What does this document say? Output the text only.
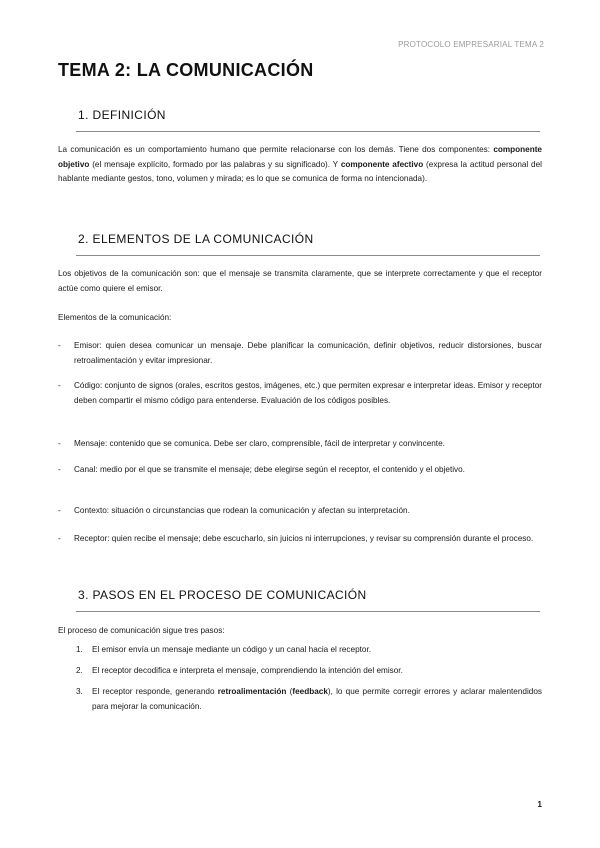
PROTOCOLO EMPRESARIAL TEMA 2
TEMA 2: LA COMUNICACIÓN
1. DEFINICIÓN

La comunicación es un comportamiento humano que permite relacionarse con los demás. Tiene dos componentes: componente objetivo (el mensaje explícito, formado por las palabras y su significado). Y componente afectivo (expresa la actitud personal del hablante mediante gestos, tono, volumen y mirada; es lo que se comunica de forma no intencionada).

2. ELEMENTOS DE LA COMUNICACIÓN

Los objetivos de la comunicación son: que el mensaje se transmita claramente, que se interprete correctamente y que el receptor actúe como quiere el emisor.

Elementos de la comunicación:

- Emisor: quien desea comunicar un mensaje. Debe planificar la comunicación, definir objetivos, reducir distorsiones, buscar retroalimentación y evitar impresionar.
- Código: conjunto de signos (orales, escritos gestos, imágenes, etc.) que permiten expresar e interpretar ideas. Emisor y receptor deben compartir el mismo código para entenderse. Evaluación de los códigos posibles.
- Mensaje: contenido que se comunica. Debe ser claro, comprensible, fácil de interpretar y convincente.
- Canal: medio por el que se transmite el mensaje; debe elegirse según el receptor, el contenido y el objetivo.
- Contexto: situación o circunstancias que rodean la comunicación y afectan su interpretación.
- Receptor: quien recibe el mensaje; debe escucharlo, sin juicios ni interrupciones, y revisar su comprensión durante el proceso.
3. PASOS EN EL PROCESO DE COMUNICACIÓN

El proceso de comunicación sigue tres pasos:

1. El emisor envía un mensaje mediante un código y un canal hacia el receptor.
2. El receptor decodifica e interpreta el mensaje, comprendiendo la intención del emisor.
3. El receptor responde, generando retroalimentación (feedback), lo que permite corregir errores y aclarar malentendidos para mejorar la comunicación.
1
